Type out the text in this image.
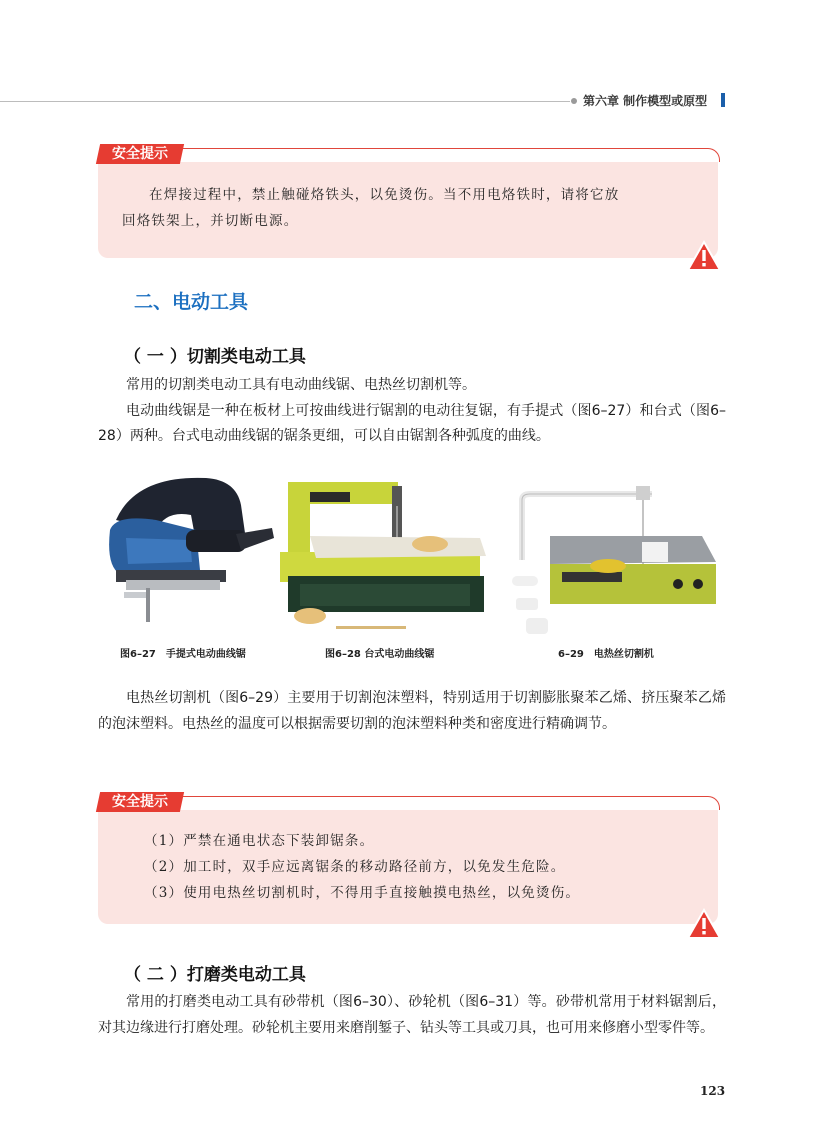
第六章 制作模型或原型
安全提示
在焊接过程中，禁止触碰烙铁头，以免烫伤。当不用电烙铁时，请将它放
回烙铁架上，并切断电源。
二、电动工具
（ 一 ）切割类电动工具

常用的切割类电动工具有电动曲线锯、电热丝切割机等。

电动曲线锯是一种在板材上可按曲线进行锯割的电动往复锯，有手提式（图6–27）和台式（图6–28）两种。台式电动曲线锯的锯条更细，可以自由锯割各种弧度的曲线。

图6–27　手提式电动曲线锯	图6–28 台式电动曲线锯	6–29　电热丝切割机

电热丝切割机（图6–29）主要用于切割泡沫塑料，特别适用于切割膨胀聚苯乙烯、挤压聚苯乙烯的泡沫塑料。电热丝的温度可以根据需要切割的泡沫塑料种类和密度进行精确调节。

安全提示
（1）严禁在通电状态下装卸锯条。
（2）加工时，双手应远离锯条的移动路径前方，以免发生危险。
（3）使用电热丝切割机时，不得用手直接触摸电热丝，以免烫伤。
（ 二 ）打磨类电动工具

常用的打磨类电动工具有砂带机（图6–30）、砂轮机（图6–31）等。砂带机常用于材料锯割后，对其边缘进行打磨处理。砂轮机主要用来磨削錾子、钻头等工具或刀具，也可用来修磨小型零件等。

123
